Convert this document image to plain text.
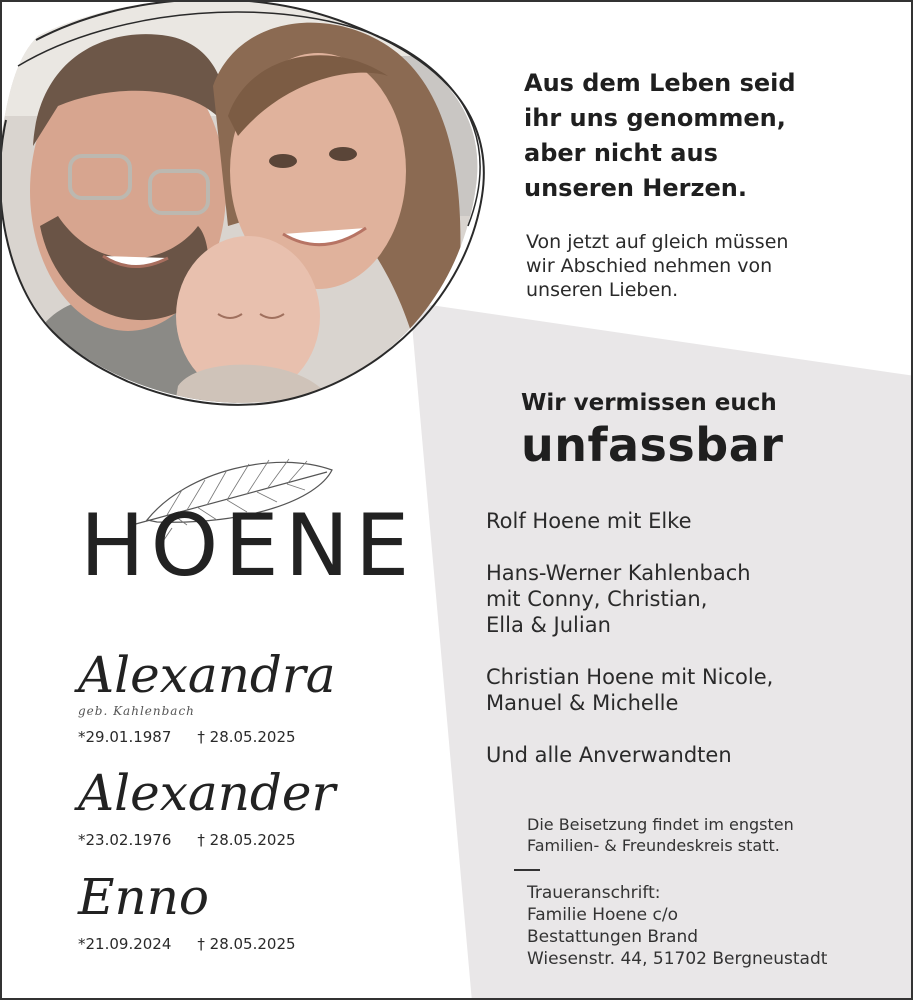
Aus dem Leben seid
ihr uns genommen,
aber nicht aus
unseren Herzen.
Von jetzt auf gleich müssen
wir Abschied nehmen von
unseren Lieben.
Wir vermissen euch
unfassbar
Rolf Hoene mit Elke
Hans-Werner Kahlenbach
mit Conny, Christian,
Ella & Julian
Christian Hoene mit Nicole,
Manuel & Michelle
Und alle Anverwandten
Die Beisetzung findet im engsten
Familien- & Freundeskreis statt.
Traueranschrift:
Familie Hoene c/o
Bestattungen Brand
Wiesenstr. 44, 51702 Bergneustadt
HOENE
Alexandra
geb. Kahlenbach
*29.01.1987 † 28.05.2025
Alexander
*23.02.1976 † 28.05.2025
Enno
*21.09.2024 † 28.05.2025
